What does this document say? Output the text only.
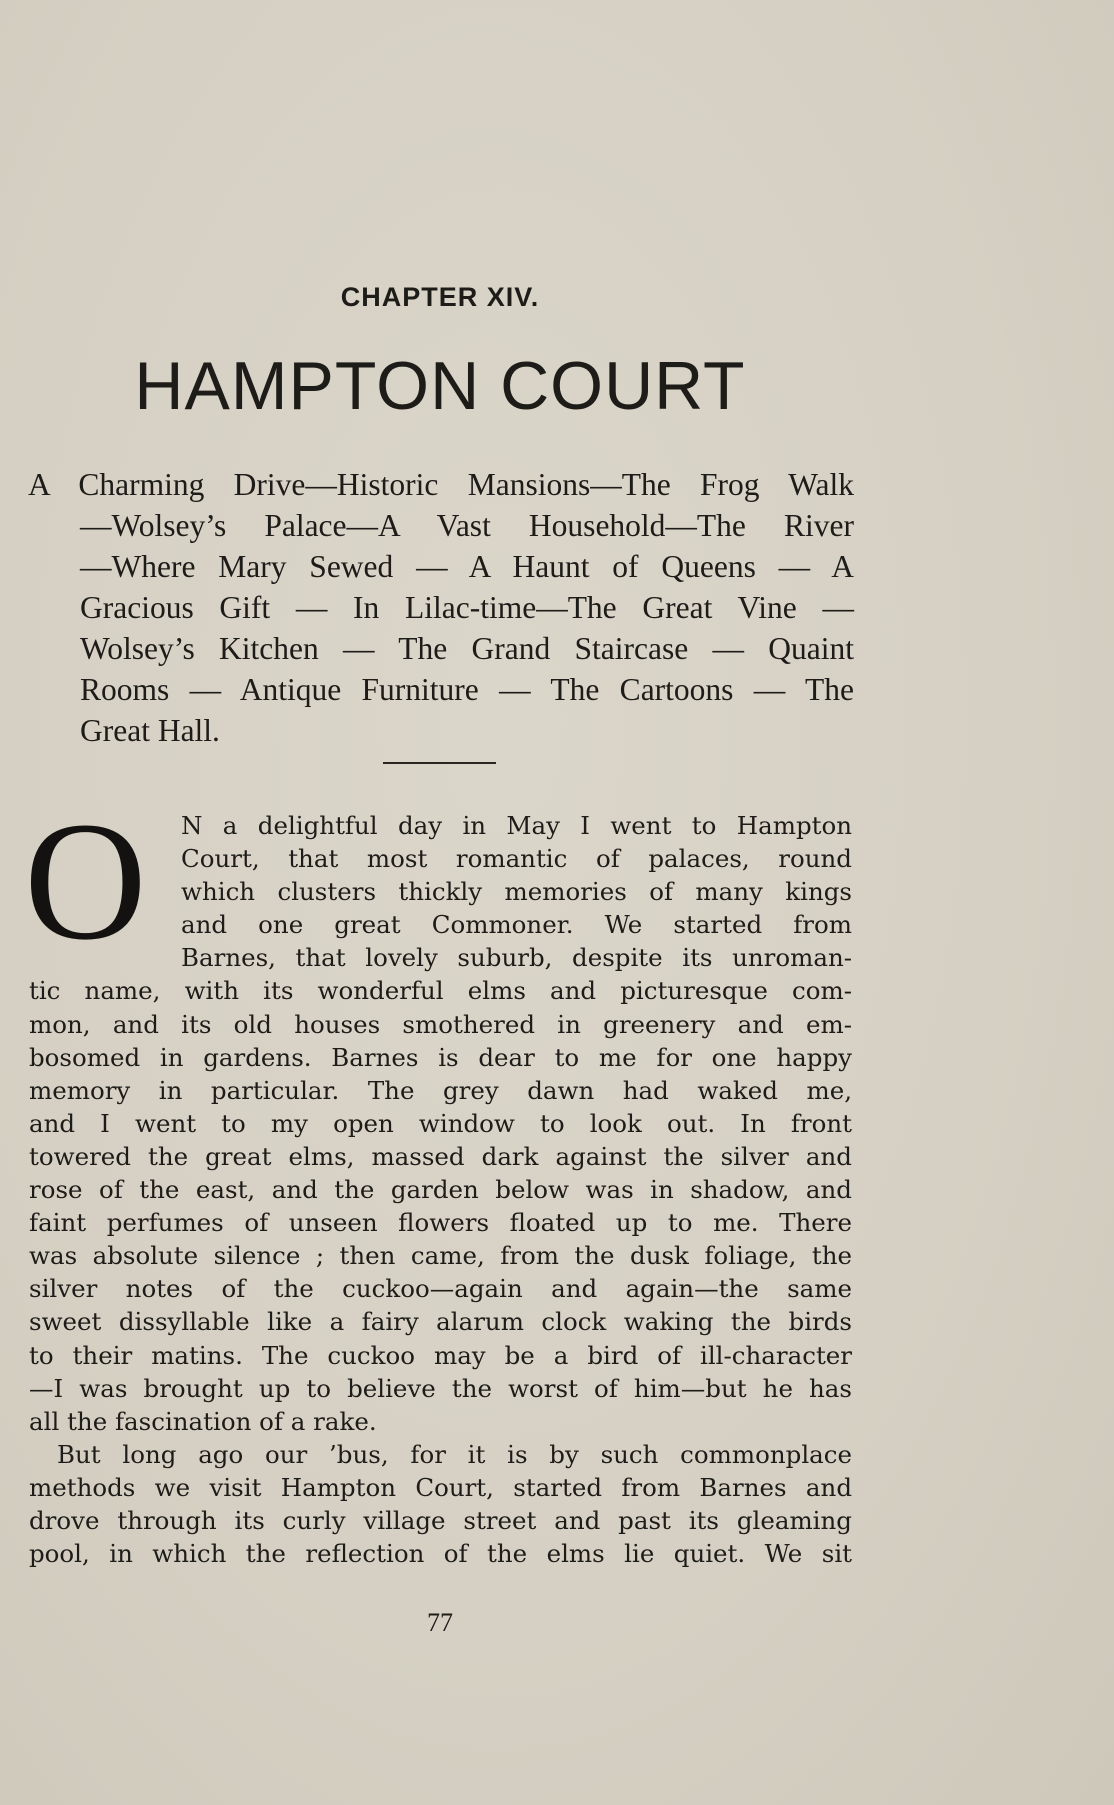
CHAPTER XIV.
HAMPTON COURT
A Charming Drive—Historic Mansions—The Frog Walk
—Wolsey’s Palace—A Vast Household—The River
—Where Mary Sewed — A Haunt of Queens — A
Gracious Gift — In Lilac-time—The Great Vine —
Wolsey’s Kitchen — The Grand Staircase — Quaint
Rooms — Antique Furniture — The Cartoons — The
Great Hall.
O	N a delightful day in May I went to Hampton
Court, that most romantic of palaces, round
which clusters thickly memories of many kings
and one great Commoner. We started from
Barnes, that lovely suburb, despite its unroman-
tic name, with its wonderful elms and picturesque com-
mon, and its old houses smothered in greenery and em-
bosomed in gardens. Barnes is dear to me for one happy
memory in particular. The grey dawn had waked me,
and I went to my open window to look out. In front
towered the great elms, massed dark against the silver and
rose of the east, and the garden below was in shadow, and
faint perfumes of unseen flowers floated up to me. There
was absolute silence ; then came, from the dusk foliage, the
silver notes of the cuckoo—again and again—the same
sweet dissyllable like a fairy alarum clock waking the birds
to their matins. The cuckoo may be a bird of ill-character
—I was brought up to believe the worst of him—but he has
all the fascination of a rake.
But long ago our ’bus, for it is by such commonplace
methods we visit Hampton Court, started from Barnes and
drove through its curly village street and past its gleaming
pool, in which the reflection of the elms lie quiet. We sit
77
